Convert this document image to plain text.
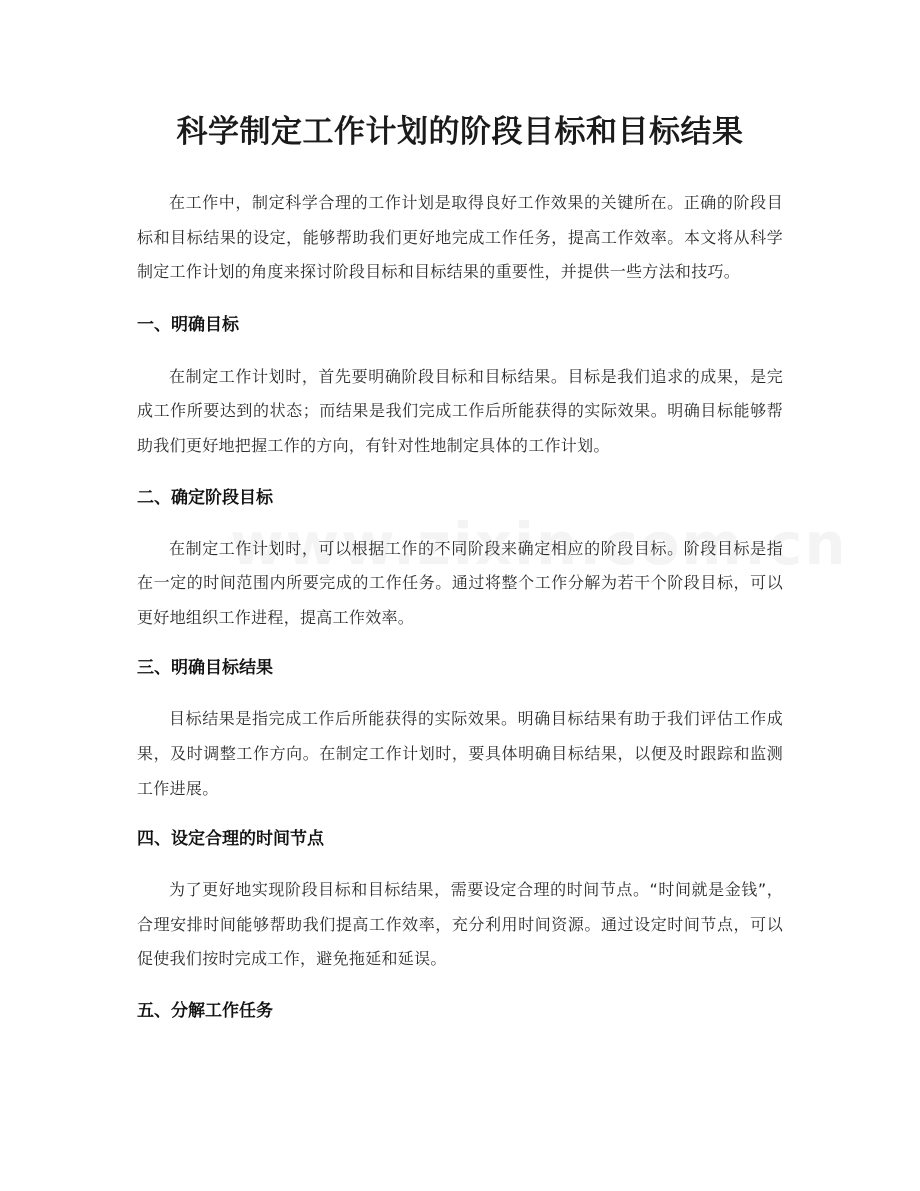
科学制定工作计划的阶段目标和目标结果

在工作中，制定科学合理的工作计划是取得良好工作效果的关键所在。正确的阶段目标和目标结果的设定，能够帮助我们更好地完成工作任务，提高工作效率。本文将从科学制定工作计划的角度来探讨阶段目标和目标结果的重要性，并提供一些方法和技巧。

一、明确目标

在制定工作计划时，首先要明确阶段目标和目标结果。目标是我们追求的成果，是完成工作所要达到的状态；而结果是我们完成工作后所能获得的实际效果。明确目标能够帮助我们更好地把握工作的方向，有针对性地制定具体的工作计划。

二、确定阶段目标

在制定工作计划时，可以根据工作的不同阶段来确定相应的阶段目标。阶段目标是指在一定的时间范围内所要完成的工作任务。通过将整个工作分解为若干个阶段目标，可以更好地组织工作进程，提高工作效率。

三、明确目标结果

目标结果是指完成工作后所能获得的实际效果。明确目标结果有助于我们评估工作成果，及时调整工作方向。在制定工作计划时，要具体明确目标结果，以便及时跟踪和监测工作进展。

四、设定合理的时间节点

为了更好地实现阶段目标和目标结果，需要设定合理的时间节点。“时间就是金钱”，合理安排时间能够帮助我们提高工作效率，充分利用时间资源。通过设定时间节点，可以促使我们按时完成工作，避免拖延和延误。

五、分解工作任务
